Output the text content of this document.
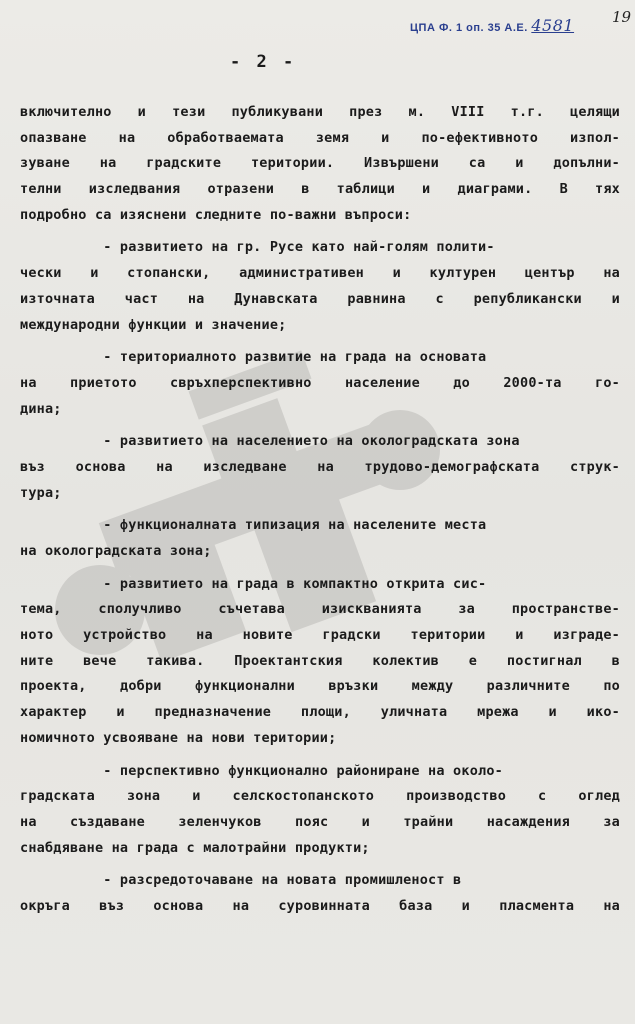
ЦПА Ф. 1 оп. 35 А.Е. 4581	19
- 2 -
включително и тези публикувани през м. VIII т.г. целящи
опазване на обработваемата земя и по-ефективното изпол-
зуване на градските територии. Извършени са и допълни-
телни изследвания отразени в таблици и диаграми. В тях
подробно са изяснени следните по-важни въпроси:
- развитието на гр. Русе като най-голям полити-
чески и стопански, административен и културен център на
източната част на Дунавската равнина с републикански и
международни функции и значение;
- териториалното развитие на града на основата
на приетото свръхперспективно население до 2000-та го-
дина;
- развитието на населението на околоградската зона
въз основа на изследване на трудово-демографската струк-
тура;
- функционалната типизация на населените места
на околоградската зона;
- развитието на града в компактно открита сис-
тема, сполучливо съчетава изискванията за пространстве-
ното устройство на новите градски територии и изграде-
ните вече такива. Проектантския колектив е постигнал в
проекта, добри функционални връзки между различните по
характер и предназначение площи, уличната мрежа и ико-
номичното усвояване на нови територии;
- перспективно функционално райониране на около-
градската зона и селскостопанското производство с оглед
на създаване зеленчуков пояс и трайни насаждения за
снабдяване на града с малотрайни продукти;
- разсредоточаване на новата промишленост в
окръга въз основа на суровинната база и пласмента на
